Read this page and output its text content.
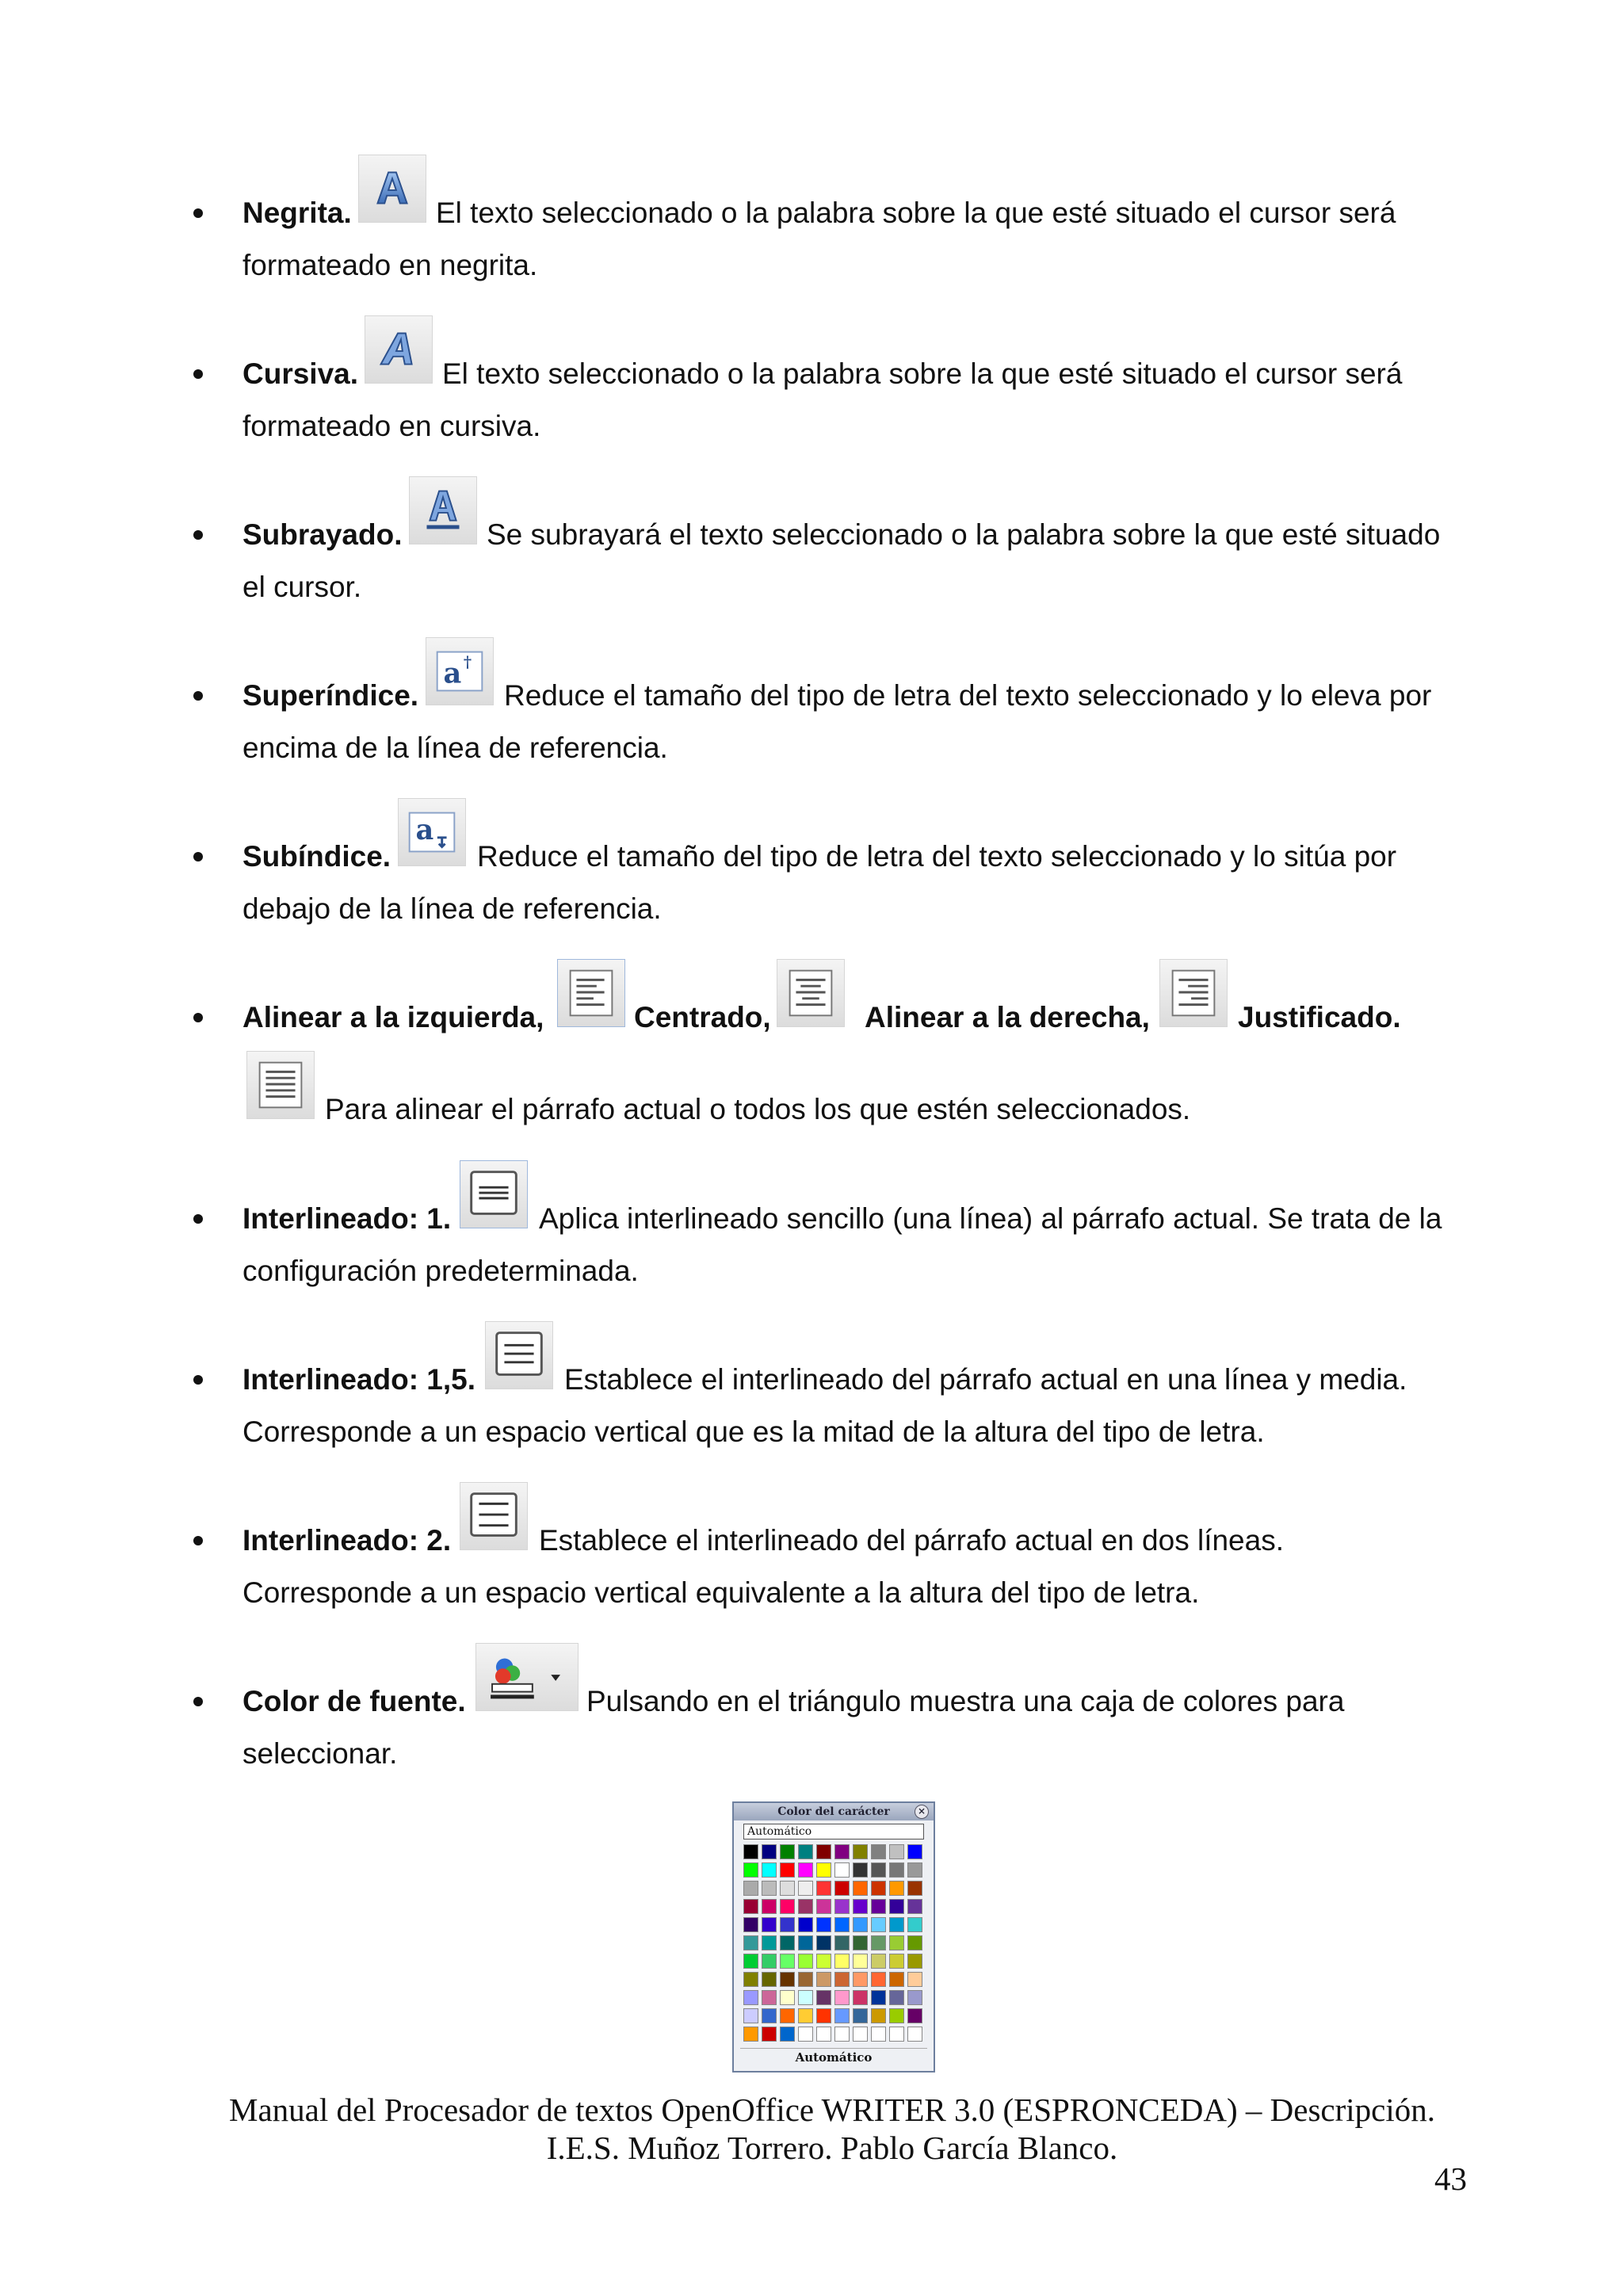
Negrita.	El texto seleccionado o la palabra sobre la que esté situado el cursor será
formateado en negrita.
Cursiva.	El texto seleccionado o la palabra sobre la que esté situado el cursor será
formateado en cursiva.
Subrayado.	Se subrayará el texto seleccionado o la palabra sobre la que esté situado
el cursor.
Superíndice.
a †
Reduce el tamaño del tipo de letra del texto seleccionado y lo eleva por
encima de la línea de referencia.
Subíndice.
a
Reduce el tamaño del tipo de letra del texto seleccionado y lo sitúa por
debajo de la línea de referencia.
Alinear a la izquierda,	Centrado,	Alinear a la derecha,	Justificado.
Para alinear el párrafo actual o todos los que estén seleccionados.
Interlineado: 1.	Aplica interlineado sencillo (una línea) al párrafo actual. Se trata de la
configuración predeterminada.
Interlineado: 1,5.	Establece el interlineado del párrafo actual en una línea y media.
Corresponde a un espacio vertical que es la mitad de la altura del tipo de letra.
Interlineado: 2.	Establece el interlineado del párrafo actual en dos líneas.
Corresponde a un espacio vertical equivalente a la altura del tipo de letra.
Color de fuente.	Pulsando en el triángulo muestra una caja de colores para
seleccionar.
Color del carácter	×
Automático
Automático
Manual del Procesador de textos OpenOffice WRITER 3.0 (ESPRONCEDA) – Descripción.
I.E.S. Muñoz Torrero. Pablo García Blanco.
43
